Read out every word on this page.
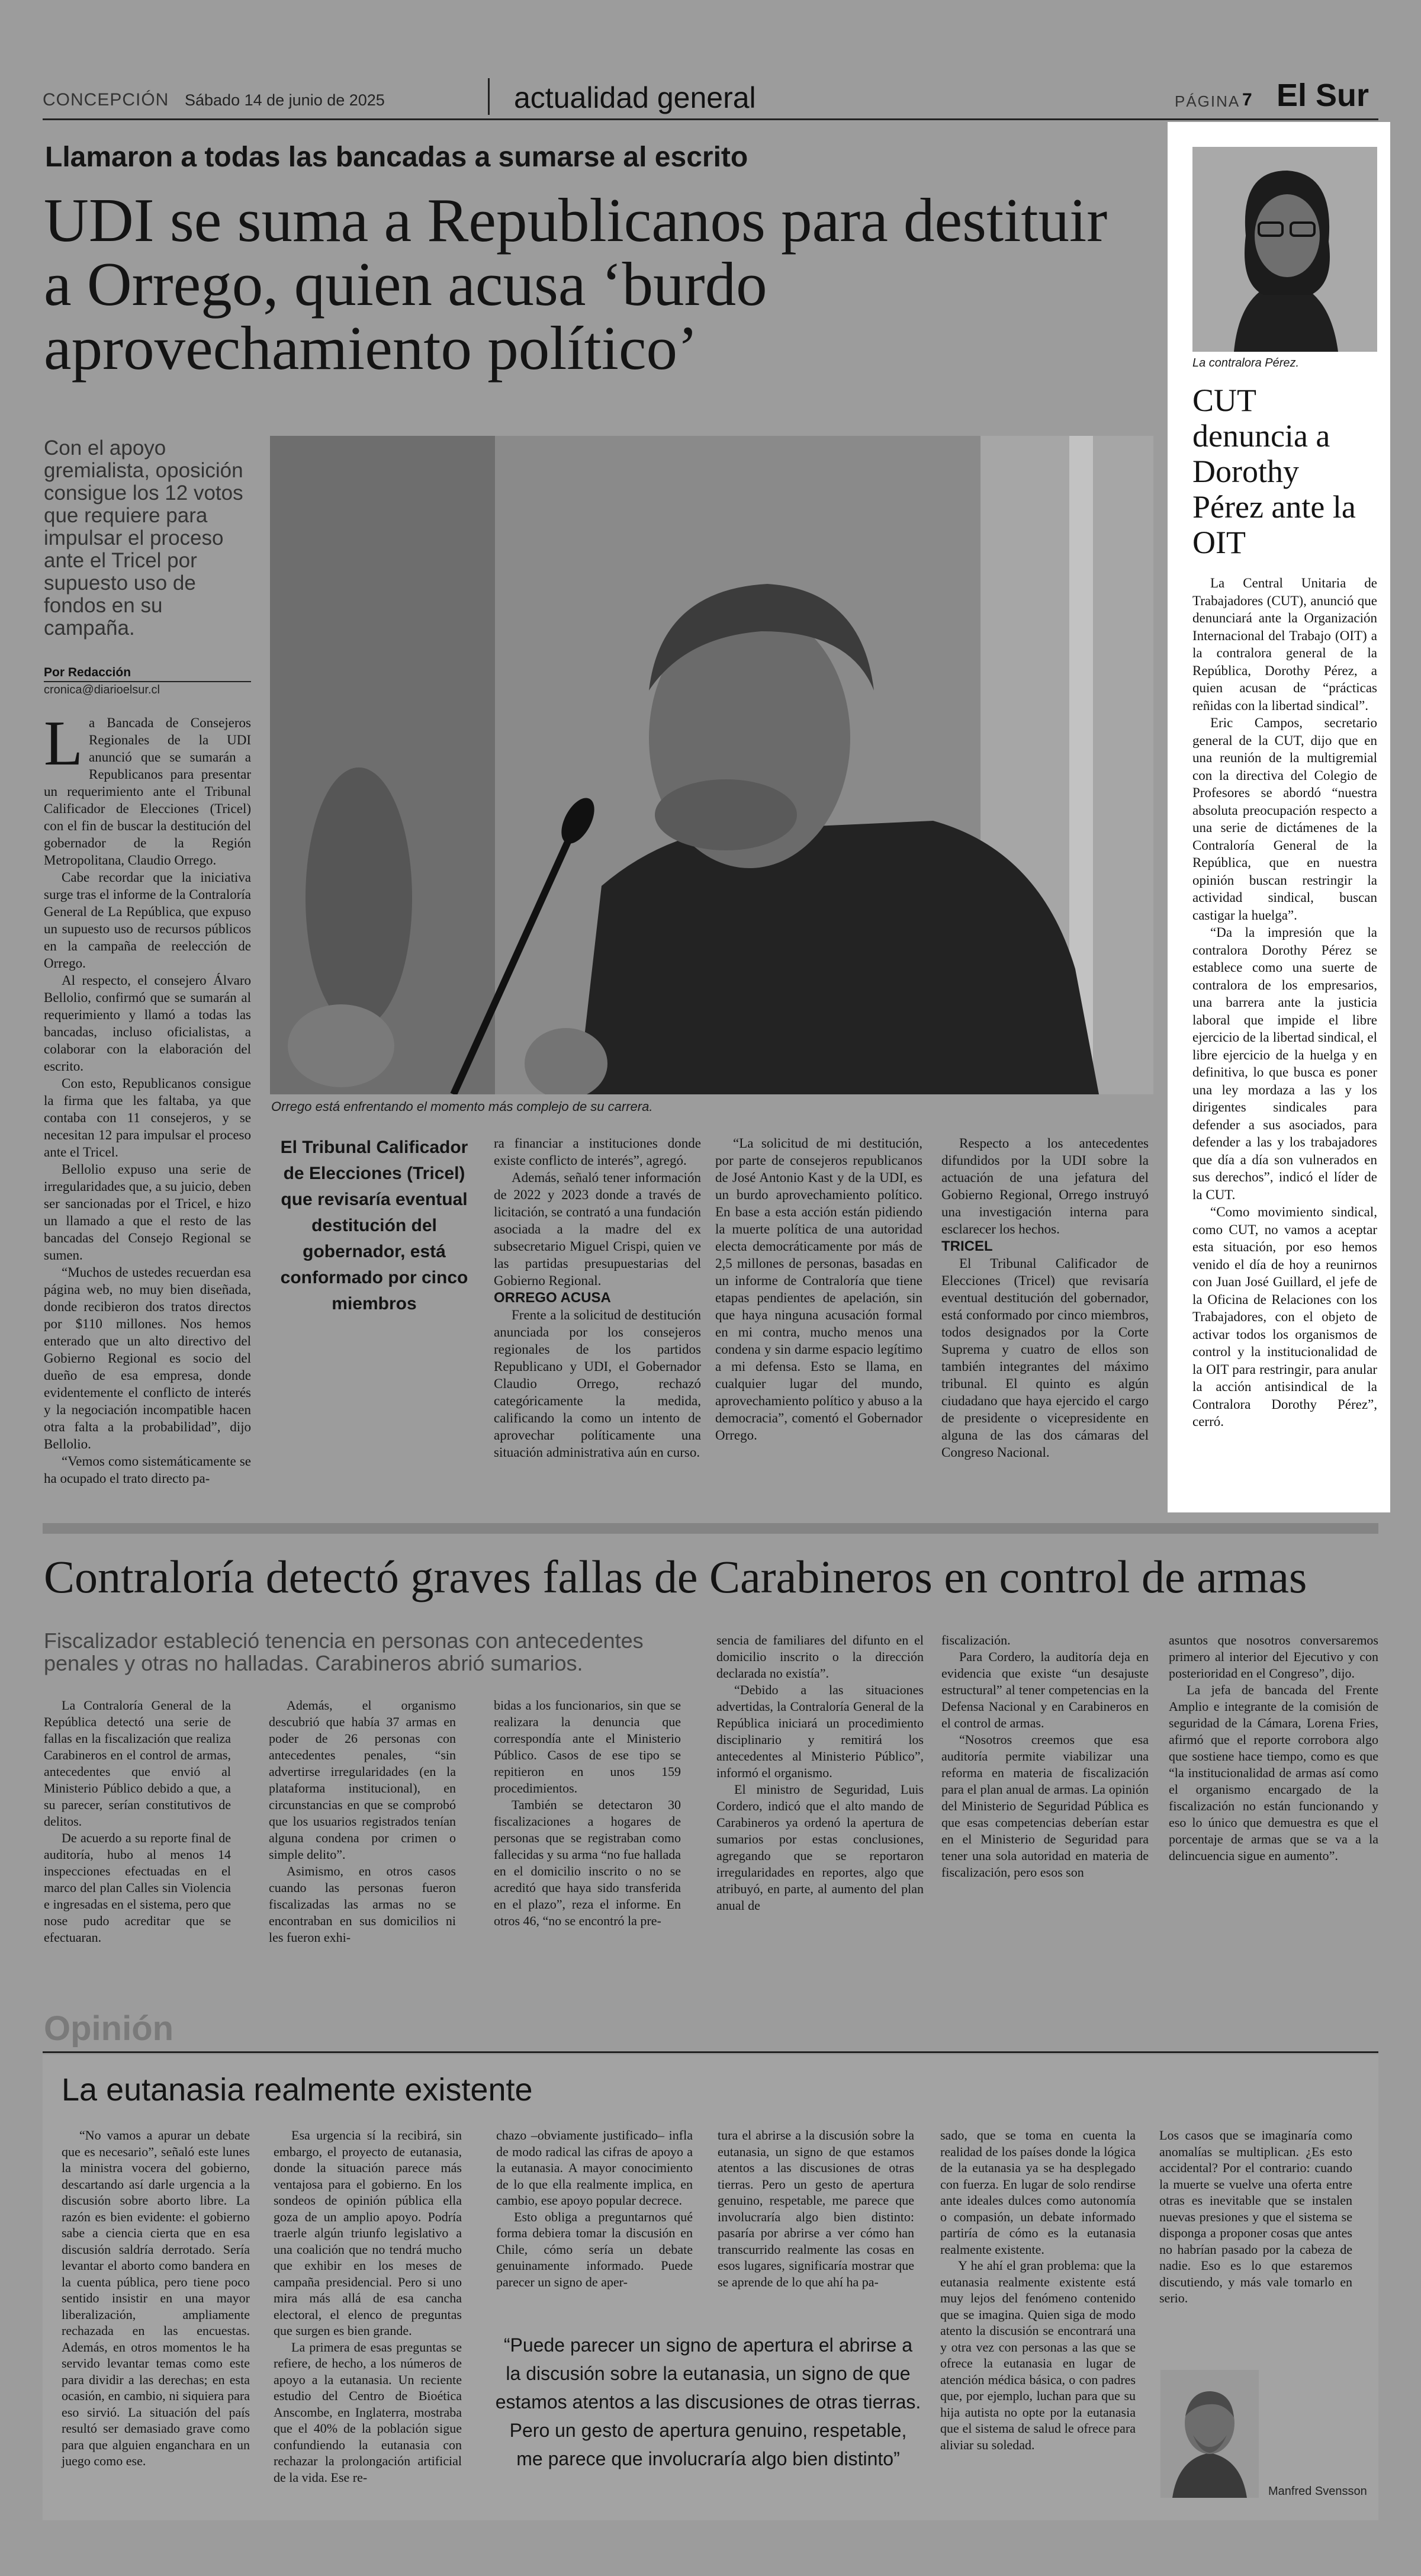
CONCEPCIÓN Sábado 14 de junio de 2025	actualidad general	PÁGINA 7 El Sur
Llamaron a todas las bancadas a sumarse al escrito
UDI se suma a Republicanos para destituir a Orrego, quien acusa ‘burdo aprovechamiento político’
Con el apoyo gremialista, oposición consigue los 12 votos que requiere para impulsar el proceso ante el Tricel por supuesto uso de fondos en su campaña.
Por Redacción
cronica@diarioelsur.cl
Orrego está enfrentando el momento más complejo de su carrera.
L a Bancada de Consejeros Regionales de la UDI anunció que se sumarán a Republicanos para presentar un requerimiento ante el Tribunal Calificador de Elecciones (Tricel) con el fin de buscar la destitución del gobernador de la Región Metropolitana, Claudio Orrego.

Cabe recordar que la iniciativa surge tras el informe de la Contraloría General de La República, que expuso un supuesto uso de recursos públicos en la campaña de reelección de Orrego.

Al respecto, el consejero Álvaro Bellolio, confirmó que se sumarán al requerimiento y llamó a todas las bancadas, incluso oficialistas, a colaborar con la elaboración del escrito.

Con esto, Republicanos consigue la firma que les faltaba, ya que contaba con 11 consejeros, y se necesitan 12 para impulsar el proceso ante el Tricel.

Bellolio expuso una serie de irregularidades que, a su juicio, deben ser sancionadas por el Tricel, e hizo un llamado a que el resto de las bancadas del Consejo Regional se sumen.

“Muchos de ustedes recuerdan esa página web, no muy bien diseñada, donde recibieron dos tratos directos por $110 millones. Nos hemos enterado que un alto directivo del Gobierno Regional es socio del dueño de esa empresa, donde evidentemente el conflicto de interés y la negociación incompatible hacen otra falta a la probabilidad”, dijo Bellolio.

“Vemos como sistemáticamente se ha ocupado el trato directo pa-

El Tribunal Calificador de Elecciones (Tricel) que revisaría eventual destitución del gobernador, está conformado por cinco miembros

ra financiar a instituciones donde existe conflicto de interés”, agregó.

Además, señaló tener información de 2022 y 2023 donde a través de licitación, se contrató a una fundación asociada a la madre del ex subsecretario Miguel Crispi, quien ve las partidas presupuestarias del Gobierno Regional.

ORREGO ACUSA

Frente a la solicitud de destitución anunciada por los consejeros regionales de los partidos Republicano y UDI, el Gobernador Claudio Orrego, rechazó categóricamente la medida, calificando la como un intento de aprovechar políticamente una situación administrativa aún en curso.

“La solicitud de mi destitución, por parte de consejeros republicanos de José Antonio Kast y de la UDI, es un burdo aprovechamiento político. En base a esta acción están pidiendo la muerte política de una autoridad electa democráticamente por más de 2,5 millones de personas, basadas en un informe de Contraloría que tiene etapas pendientes de apelación, sin que haya ninguna acusación formal en mi contra, mucho menos una condena y sin darme espacio legítimo a mi defensa. Esto se llama, en cualquier lugar del mundo, aprovechamiento político y abuso a la democracia”, comentó el Gobernador Orrego.

Respecto a los antecedentes difundidos por la UDI sobre la actuación de una jefatura del Gobierno Regional, Orrego instruyó una investigación interna para esclarecer los hechos.

TRICEL

El Tribunal Calificador de Elecciones (Tricel) que revisaría eventual destitución del gobernador, está conformado por cinco miembros, todos designados por la Corte Suprema y cuatro de ellos son también integrantes del máximo tribunal. El quinto es algún ciudadano que haya ejercido el cargo de presidente o vicepresidente en alguna de las dos cámaras del Congreso Nacional.

La contralora Pérez.
CUT denuncia a Dorothy Pérez ante la OIT

La Central Unitaria de Trabajadores (CUT), anunció que denunciará ante la Organización Internacional del Trabajo (OIT) a la contralora general de la República, Dorothy Pérez, a quien acusan de “prácticas reñidas con la libertad sindical”.

Eric Campos, secretario general de la CUT, dijo que en una reunión de la multigremial con la directiva del Colegio de Profesores se abordó “nuestra absoluta preocupación respecto a una serie de dictámenes de la Contraloría General de la República, que en nuestra opinión buscan restringir la actividad sindical, buscan castigar la huelga”.

“Da la impresión que la contralora Dorothy Pérez se establece como una suerte de contralora de los empresarios, una barrera ante la justicia laboral que impide el libre ejercicio de la libertad sindical, el libre ejercicio de la huelga y en definitiva, lo que busca es poner una ley mordaza a las y los dirigentes sindicales para defender a sus asociados, para defender a las y los trabajadores que día a día son vulnerados en sus derechos”, indicó el líder de la CUT.

“Como movimiento sindical, como CUT, no vamos a aceptar esta situación, por eso hemos venido el día de hoy a reunirnos con Juan José Guillard, el jefe de la Oficina de Relaciones con los Trabajadores, con el objeto de activar todos los organismos de control y la institucionalidad de la OIT para restringir, para anular la acción antisindical de la Contralora Dorothy Pérez”, cerró.

Contraloría detectó graves fallas de Carabineros en control de armas
Fiscalizador estableció tenencia en personas con antecedentes penales y otras no halladas. Carabineros abrió sumarios.

La Contraloría General de la República detectó una serie de fallas en la fiscalización que realiza Carabineros en el control de armas, antecedentes que envió al Ministerio Público debido a que, a su parecer, serían constitutivos de delitos.

De acuerdo a su reporte final de auditoría, hubo al menos 14 inspecciones efectuadas en el marco del plan Calles sin Violencia e ingresadas en el sistema, pero que nose pudo acreditar que se efectuaran.

Además, el organismo descubrió que había 37 armas en poder de 26 personas con antecedentes penales, “sin advertirse irregularidades (en la plataforma institucional), en circunstancias en que se comprobó que los usuarios registrados tenían alguna condena por crimen o simple delito”.

Asimismo, en otros casos cuando las personas fueron fiscalizadas las armas no se encontraban en sus domicilios ni les fueron exhi-

bidas a los funcionarios, sin que se realizara la denuncia que correspondía ante el Ministerio Público. Casos de ese tipo se repitieron en unos 159 procedimientos.

También se detectaron 30 fiscalizaciones a hogares de personas que se registraban como fallecidas y su arma “no fue hallada en el domicilio inscrito o no se acreditó que haya sido transferida en el plazo”, reza el informe. En otros 46, “no se encontró la pre-

sencia de familiares del difunto en el domicilio inscrito o la dirección declarada no existía”.

“Debido a las situaciones advertidas, la Contraloría General de la República iniciará un procedimiento disciplinario y remitirá los antecedentes al Ministerio Público”, informó el organismo.

El ministro de Seguridad, Luis Cordero, indicó que el alto mando de Carabineros ya ordenó la apertura de sumarios por estas conclusiones, agregando que se reportaron irregularidades en reportes, algo que atribuyó, en parte, al aumento del plan anual de

fiscalización.

Para Cordero, la auditoría deja en evidencia que existe “un desajuste estructural” al tener competencias en la Defensa Nacional y en Carabineros en el control de armas.

“Nosotros creemos que esa auditoría permite viabilizar una reforma en materia de fiscalización para el plan anual de armas. La opinión del Ministerio de Seguridad Pública es que esas competencias deberían estar en el Ministerio de Seguridad para tener una sola autoridad en materia de fiscalización, pero esos son

asuntos que nosotros conversaremos primero al interior del Ejecutivo y con posterioridad en el Congreso”, dijo.

La jefa de bancada del Frente Amplio e integrante de la comisión de seguridad de la Cámara, Lorena Fries, afirmó que el reporte corrobora algo que sostiene hace tiempo, como es que “la institucionalidad de armas así como el organismo encargado de la fiscalización no están funcionando y eso lo único que demuestra es que el porcentaje de armas que se va a la delincuencia sigue en aumento”.

Opinión
La eutanasia realmente existente

“No vamos a apurar un debate que es necesario”, señaló este lunes la ministra vocera del gobierno, descartando así darle urgencia a la discusión sobre aborto libre. La razón es bien evidente: el gobierno sabe a ciencia cierta que en esa discusión saldría derrotado. Sería levantar el aborto como bandera en la cuenta pública, pero tiene poco sentido insistir en una mayor liberalización, ampliamente rechazada en las encuestas. Además, en otros momentos le ha servido levantar temas como este para dividir a las derechas; en esta ocasión, en cambio, ni siquiera para eso sirvió. La situación del país resultó ser demasiado grave como para que alguien enganchara en un juego como ese.

Esa urgencia sí la recibirá, sin embargo, el proyecto de eutanasia, donde la situación parece más ventajosa para el gobierno. En los sondeos de opinión pública ella goza de un amplio apoyo. Podría traerle algún triunfo legislativo a una coalición que no tendrá mucho que exhibir en los meses de campaña presidencial. Pero si uno mira más allá de esa cancha electoral, el elenco de preguntas que surgen es bien grande.

La primera de esas preguntas se refiere, de hecho, a los números de apoyo a la eutanasia. Un reciente estudio del Centro de Bioética Anscombe, en Inglaterra, mostraba que el 40% de la población sigue confundiendo la eutanasia con rechazar la prolongación artificial de la vida. Ese re-

chazo –obviamente justificado– infla de modo radical las cifras de apoyo a la eutanasia. A mayor conocimiento de lo que ella realmente implica, en cambio, ese apoyo popular decrece.

Esto obliga a preguntarnos qué forma debiera tomar la discusión en Chile, cómo sería un debate genuinamente informado. Puede parecer un signo de aper-

tura el abrirse a la discusión sobre la eutanasia, un signo de que estamos atentos a las discusiones de otras tierras. Pero un gesto de apertura genuino, respetable, me parece que involucraría algo bien distinto: pasaría por abrirse a ver cómo han transcurrido realmente las cosas en esos lugares, significaría mostrar que se aprende de lo que ahí ha pa-

sado, que se toma en cuenta la realidad de los países donde la lógica de la eutanasia ya se ha desplegado con fuerza. En lugar de solo rendirse ante ideales dulces como autonomía o compasión, un debate informado partiría de cómo es la eutanasia realmente existente.

Y he ahí el gran problema: que la eutanasia realmente existente está muy lejos del fenómeno contenido que se imagina. Quien siga de modo atento la discusión se encontrará una y otra vez con personas a las que se ofrece la eutanasia en lugar de atención médica básica, o con padres que, por ejemplo, luchan para que su hija autista no opte por la eutanasia que el sistema de salud le ofrece para aliviar su soledad.

Los casos que se imaginaría como anomalías se multiplican. ¿Es esto accidental? Por el contrario: cuando la muerte se vuelve una oferta entre otras es inevitable que se instalen nuevas presiones y que el sistema se disponga a proponer cosas que antes no habrían pasado por la cabeza de nadie. Eso es lo que estaremos discutiendo, y más vale tomarlo en serio.

“Puede parecer un signo de apertura el abrirse a la discusión sobre la eutanasia, un signo de que estamos atentos a las discusiones de otras tierras. Pero un gesto de apertura genuino, respetable, me parece que involucraría algo bien distinto”
Manfred Svensson
